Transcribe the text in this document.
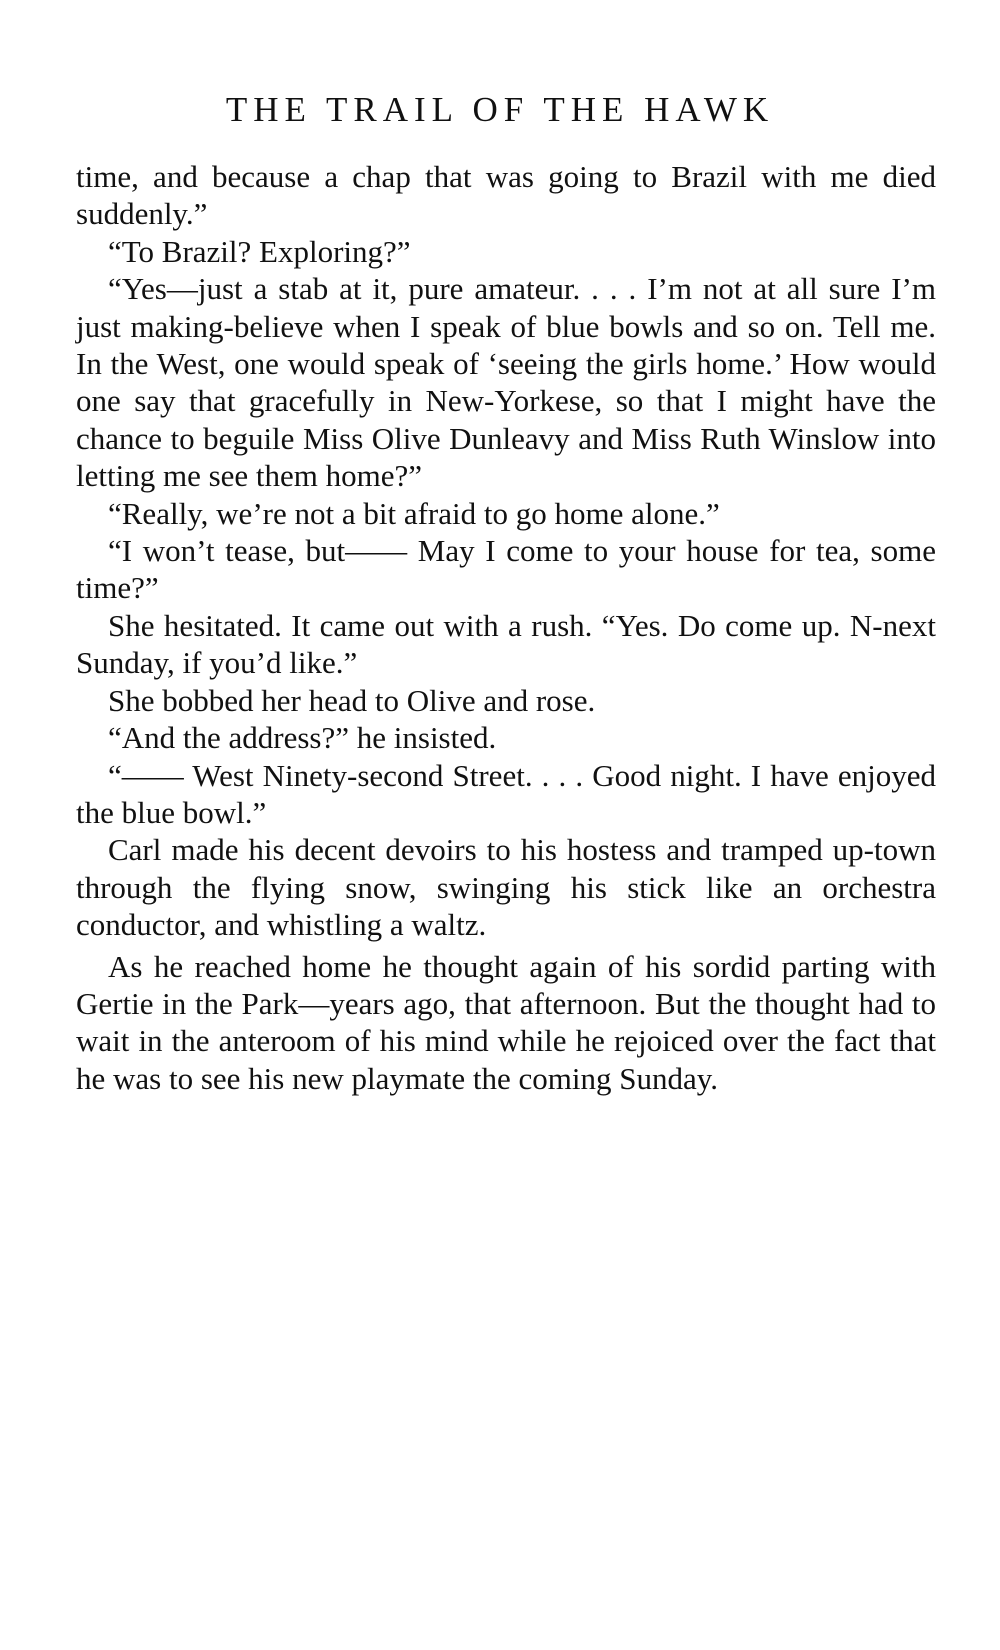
THE TRAIL OF THE HAWK

time, and because a chap that was going to Brazil with me died suddenly.”

“To Brazil? Exploring?”

“Yes—just a stab at it, pure amateur. . . . I’m not at all sure I’m just making-believe when I speak of blue bowls and so on. Tell me. In the West, one would speak of ‘seeing the girls home.’ How would one say that gracefully in New-Yorkese, so that I might have the chance to beguile Miss Olive Dunleavy and Miss Ruth Winslow into letting me see them home?”

“Really, we’re not a bit afraid to go home alone.”

“I won’t tease, but—— May I come to your house for tea, some time?”

She hesitated. It came out with a rush. “Yes. Do come up. N-next Sunday, if you’d like.”

She bobbed her head to Olive and rose.

“And the address?” he insisted.

“—— West Ninety-second Street. . . . Good night. I have enjoyed the blue bowl.”

Carl made his decent devoirs to his hostess and tramped up-town through the flying snow, swinging his stick like an orchestra conductor, and whistling a waltz.

As he reached home he thought again of his sordid parting with Gertie in the Park—years ago, that afternoon. But the thought had to wait in the anteroom of his mind while he rejoiced over the fact that he was to see his new playmate the coming Sunday.
